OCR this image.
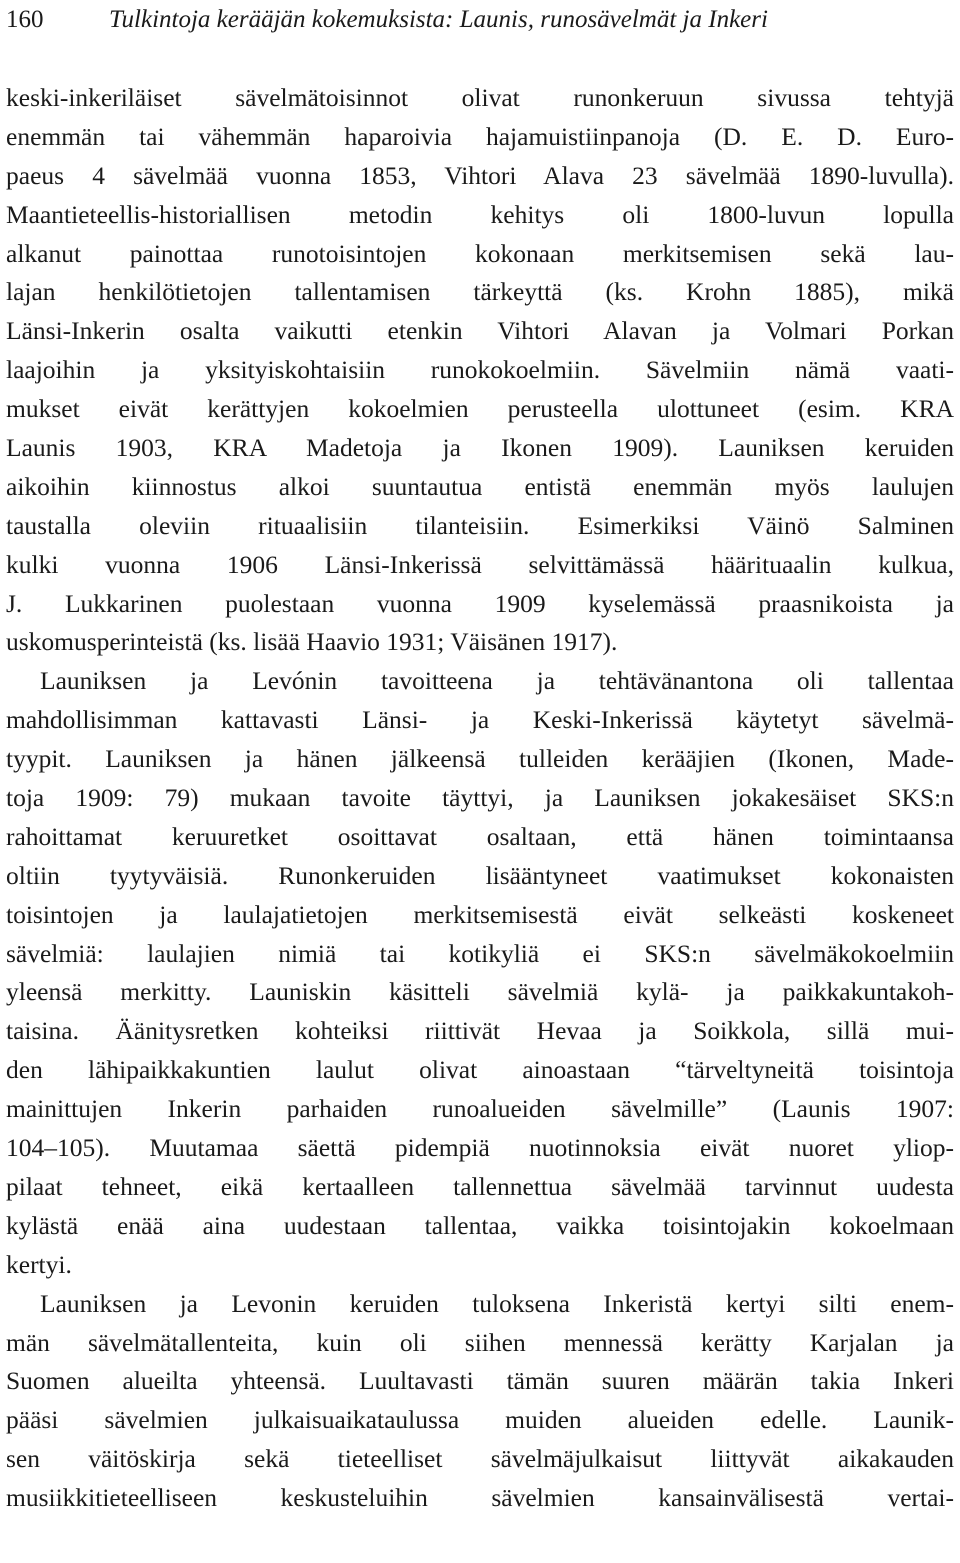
160	Tulkintoja kerääjän kokemuksista: Launis, runosävelmät ja Inkeri
keski-inkeriläiset sävelmätoisinnot olivat runonkeruun sivussa tehtyjä
enemmän tai vähemmän haparoivia hajamuistiinpanoja (D. E. D. Euro-
paeus 4 sävelmää vuonna 1853, Vihtori Alava 23 sävelmää 1890-luvulla).
Maantieteellis-historiallisen metodin kehitys oli 1800-luvun lopulla
alkanut painottaa runotoisintojen kokonaan merkitsemisen sekä lau-
lajan henkilötietojen tallentamisen tärkeyttä (ks. Krohn 1885), mikä
Länsi-Inkerin osalta vaikutti etenkin Vihtori Alavan ja Volmari Porkan
laajoihin ja yksityiskohtaisiin runokokoelmiin. Sävelmiin nämä vaati-
mukset eivät kerättyjen kokoelmien perusteella ulottuneet (esim. KRA
Launis 1903, KRA Madetoja ja Ikonen 1909). Launiksen keruiden
aikoihin kiinnostus alkoi suuntautua entistä enemmän myös laulujen
taustalla oleviin rituaalisiin tilanteisiin. Esimerkiksi Väinö Salminen
kulki vuonna 1906 Länsi-Inkerissä selvittämässä häärituaalin kulkua,
J. Lukkarinen puolestaan vuonna 1909 kyselemässä praasnikoista ja
uskomusperinteistä (ks. lisää Haavio 1931; Väisänen 1917).
Launiksen ja Levónin tavoitteena ja tehtävänantona oli tallentaa
mahdollisimman kattavasti Länsi- ja Keski-Inkerissä käytetyt sävelmä-
tyypit. Launiksen ja hänen jälkeensä tulleiden kerääjien (Ikonen, Made-
toja 1909: 79) mukaan tavoite täyttyi, ja Launiksen jokakesäiset SKS:n
rahoittamat keruuretket osoittavat osaltaan, että hänen toimintaansa
oltiin tyytyväisiä. Runonkeruiden lisääntyneet vaatimukset kokonaisten
toisintojen ja laulajatietojen merkitsemisestä eivät selkeästi koskeneet
sävelmiä: laulajien nimiä tai kotikyliä ei SKS:n sävelmäkokoelmiin
yleensä merkitty. Launiskin käsitteli sävelmiä kylä- ja paikkakuntakoh-
taisina. Äänitysretken kohteiksi riittivät Hevaa ja Soikkola, sillä mui-
den lähipaikkakuntien laulut olivat ainoastaan “tärveltyneitä toisintoja
mainittujen Inkerin parhaiden runoalueiden sävelmille” (Launis 1907:
104–105). Muutamaa säettä pidempiä nuotinnoksia eivät nuoret yliop-
pilaat tehneet, eikä kertaalleen tallennettua sävelmää tarvinnut uudesta
kylästä enää aina uudestaan tallentaa, vaikka toisintojakin kokoelmaan
kertyi.
Launiksen ja Levonin keruiden tuloksena Inkeristä kertyi silti enem-
män sävelmätallenteita, kuin oli siihen mennessä kerätty Karjalan ja
Suomen alueilta yhteensä. Luultavasti tämän suuren määrän takia Inkeri
pääsi sävelmien julkaisuaikataulussa muiden alueiden edelle. Launik-
sen väitöskirja sekä tieteelliset sävelmäjulkaisut liittyvät aikakauden
musiikkitieteelliseen keskusteluihin sävelmien kansainvälisestä vertai-
